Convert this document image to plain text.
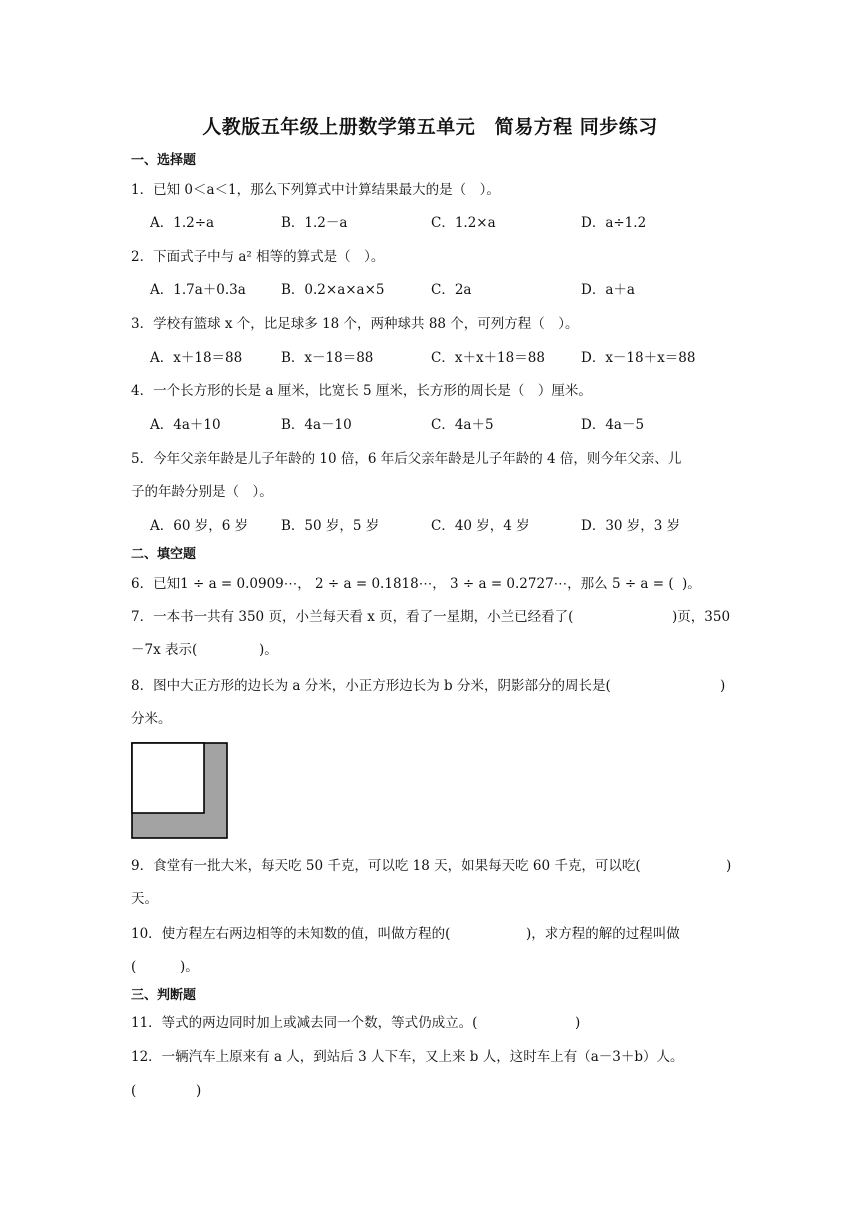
人教版五年级上册数学第五单元　简易方程 同步练习
一、选择题
1．已知 0＜a＜1，那么下列算式中计算结果最大的是（　）。
A．1.2÷a	B．1.2－a	C．1.2×a	D．a÷1.2
2．下面式子中与 a² 相等的算式是（　）。
A．1.7a＋0.3a	B．0.2×a×a×5	C．2a	D．a＋a
3．学校有篮球 x 个，比足球多 18 个，两种球共 88 个，可列方程（　）。
A．x＋18＝88	B．x－18＝88	C．x＋x＋18＝88	D．x－18＋x＝88
4．一个长方形的长是 a 厘米，比宽长 5 厘米，长方形的周长是（　）厘米。
A．4a＋10	B．4a－10	C．4a＋5	D．4a－5
5．今年父亲年龄是儿子年龄的 10 倍，6 年后父亲年龄是儿子年龄的 4 倍，则今年父亲、儿
子的年龄分别是（　）。
A．60 岁，6 岁 B．50 岁，5 岁	C．40 岁，4 岁	D．30 岁，3 岁
二、填空题
6．已知1 ÷ a = 0.0909⋯， 2 ÷ a = 0.1818⋯， 3 ÷ a = 0.2727⋯，那么 5 ÷ a = ( )。
7．一本书一共有 350 页，小兰每天看 x 页，看了一星期，小兰已经看了(	)页，350
－7x 表示(	)。
8．图中大正方形的边长为 a 分米，小正方形边长为 b 分米，阴影部分的周长是(	)
分米。
9．食堂有一批大米，每天吃 50 千克，可以吃 18 天，如果每天吃 60 千克，可以吃(	)
天。
10．使方程左右两边相等的未知数的值，叫做方程的(	)，求方程的解的过程叫做
(	)。
三、判断题
11．等式的两边同时加上或减去同一个数，等式仍成立。(	)
12．一辆汽车上原来有 a 人，到站后 3 人下车，又上来 b 人，这时车上有（a－3＋b）人。
(	)
